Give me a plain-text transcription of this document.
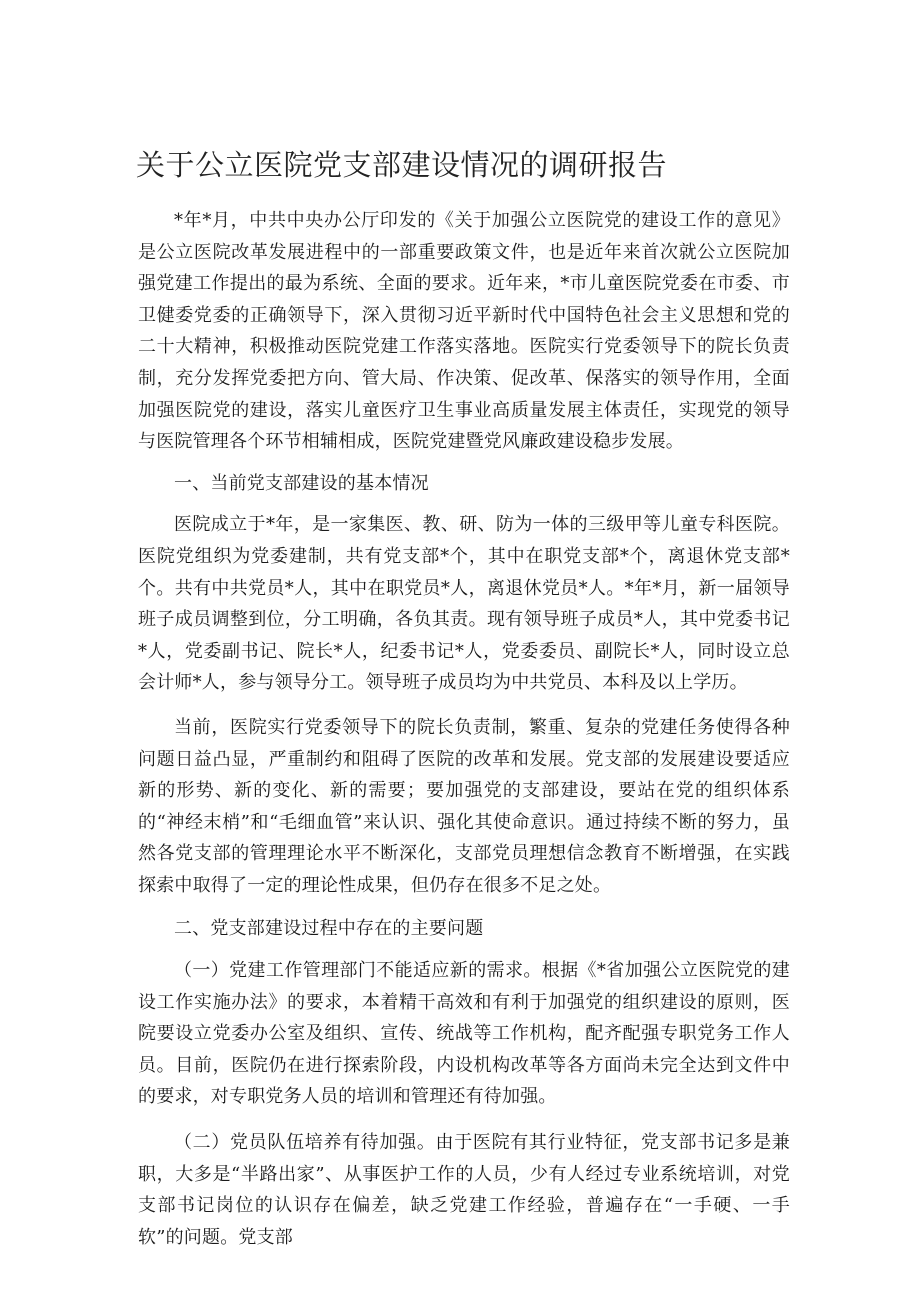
关于公立医院党支部建设情况的调研报告

*年*月，中共中央办公厅印发的《关于加强公立医院党的建设工作的意见》是公立医院改革发展进程中的一部重要政策文件，也是近年来首次就公立医院加强党建工作提出的最为系统、全面的要求。近年来，*市儿童医院党委在市委、市卫健委党委的正确领导下，深入贯彻习近平新时代中国特色社会主义思想和党的二十大精神，积极推动医院党建工作落实落地。医院实行党委领导下的院长负责制，充分发挥党委把方向、管大局、作决策、促改革、保落实的领导作用，全面加强医院党的建设，落实儿童医疗卫生事业高质量发展主体责任，实现党的领导与医院管理各个环节相辅相成，医院党建暨党风廉政建设稳步发展。

一、当前党支部建设的基本情况

医院成立于*年，是一家集医、教、研、防为一体的三级甲等儿童专科医院。医院党组织为党委建制，共有党支部*个，其中在职党支部*个，离退休党支部*个。共有中共党员*人，其中在职党员*人，离退休党员*人。*年*月，新一届领导班子成员调整到位，分工明确，各负其责。现有领导班子成员*人，其中党委书记*人，党委副书记、院长*人，纪委书记*人，党委委员、副院长*人，同时设立总会计师*人，参与领导分工。领导班子成员均为中共党员、本科及以上学历。

当前，医院实行党委领导下的院长负责制，繁重、复杂的党建任务使得各种问题日益凸显，严重制约和阻碍了医院的改革和发展。党支部的发展建设要适应新的形势、新的变化、新的需要；要加强党的支部建设，要站在党的组织体系的“神经末梢”和“毛细血管”来认识、强化其使命意识。通过持续不断的努力，虽然各党支部的管理理论水平不断深化，支部党员理想信念教育不断增强，在实践探索中取得了一定的理论性成果，但仍存在很多不足之处。

二、党支部建设过程中存在的主要问题

（一）党建工作管理部门不能适应新的需求。根据《*省加强公立医院党的建设工作实施办法》的要求，本着精干高效和有利于加强党的组织建设的原则，医院要设立党委办公室及组织、宣传、统战等工作机构，配齐配强专职党务工作人员。目前，医院仍在进行探索阶段，内设机构改革等各方面尚未完全达到文件中的要求，对专职党务人员的培训和管理还有待加强。

（二）党员队伍培养有待加强。由于医院有其行业特征，党支部书记多是兼职，大多是“半路出家”、从事医护工作的人员，少有人经过专业系统培训，对党支部书记岗位的认识存在偏差，缺乏党建工作经验，普遍存在“一手硬、一手软”的问题。党支部
